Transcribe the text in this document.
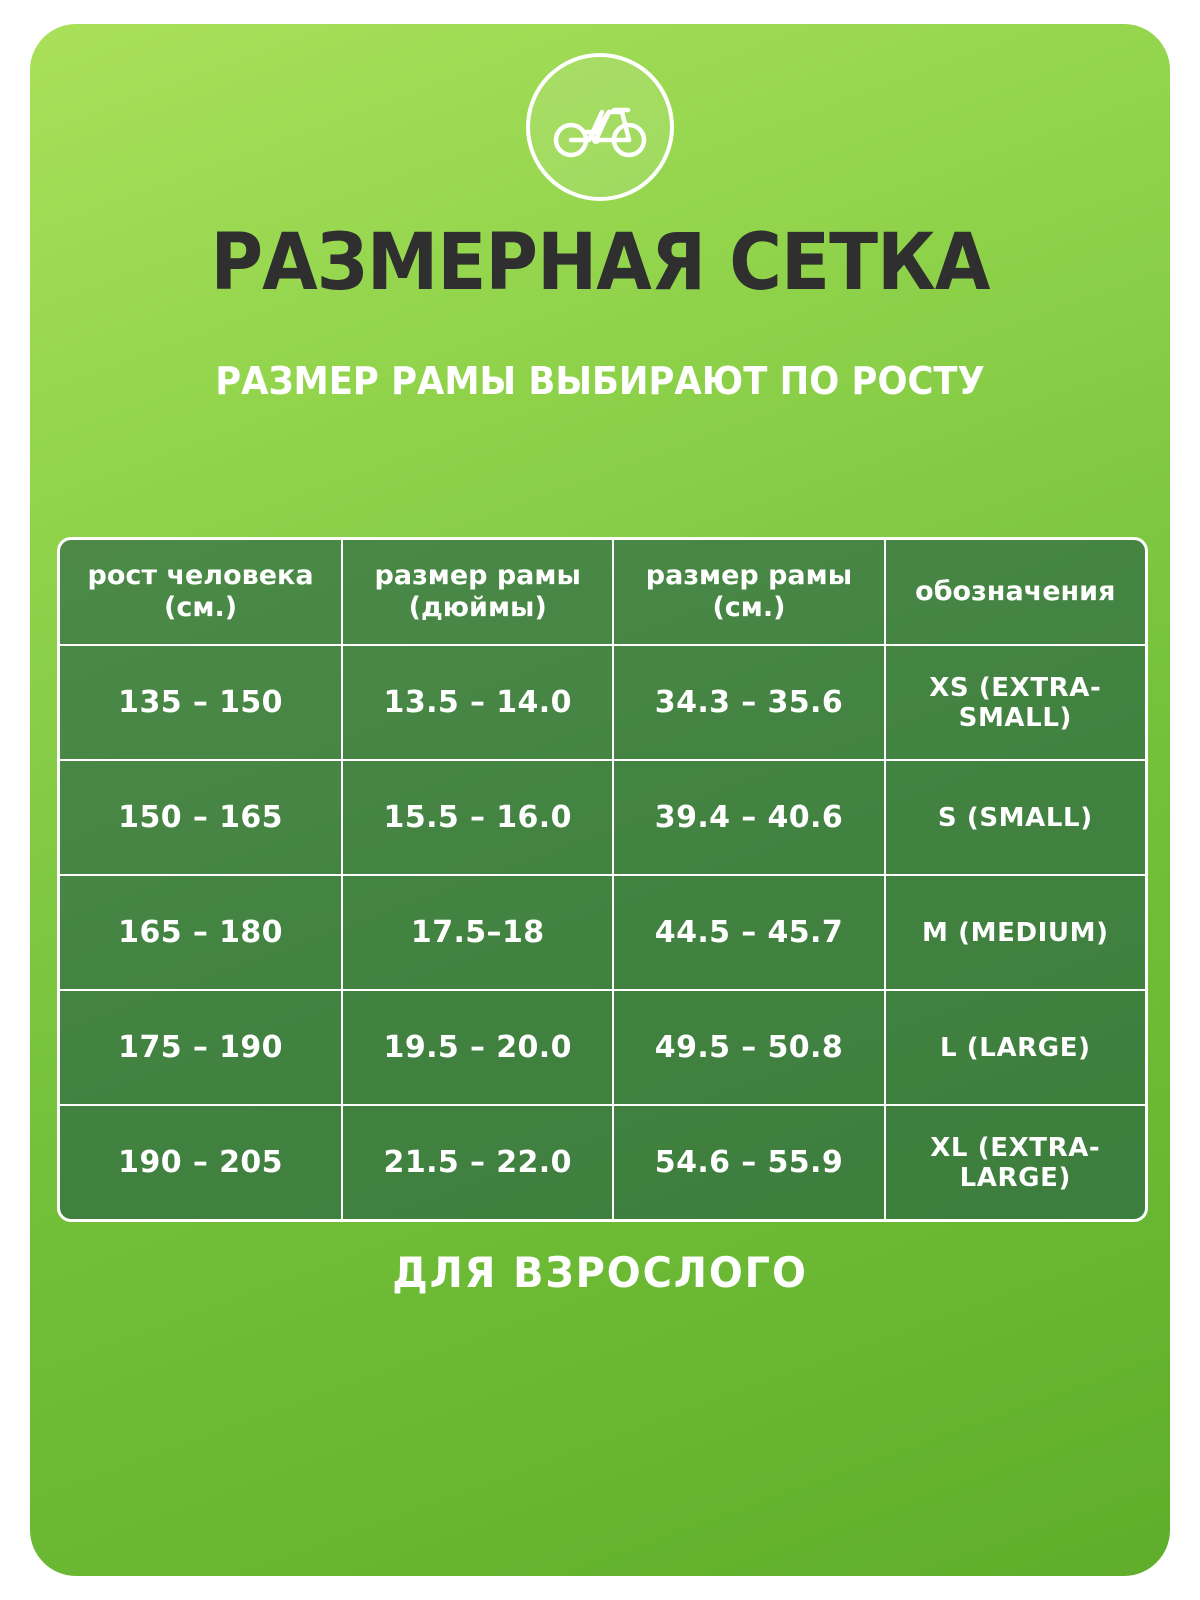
РАЗМЕРНАЯ СЕТКА
РАЗМЕР РАМЫ ВЫБИРАЮТ ПО РОСТУ
рост человека (см.)	размер рамы (дюймы)	размер рамы (см.)	обозначения
135 – 150	13.5 – 14.0	34.3 – 35.6	XS (EXTRA-SMALL)
150 – 165	15.5 – 16.0	39.4 – 40.6	S (SMALL)
165 – 180	17.5–18	44.5 – 45.7	M (MEDIUM)
175 – 190	19.5 – 20.0	49.5 – 50.8	L (LARGE)
190 – 205	21.5 – 22.0	54.6 – 55.9	XL (EXTRA-LARGE)
ДЛЯ ВЗРОСЛОГО
